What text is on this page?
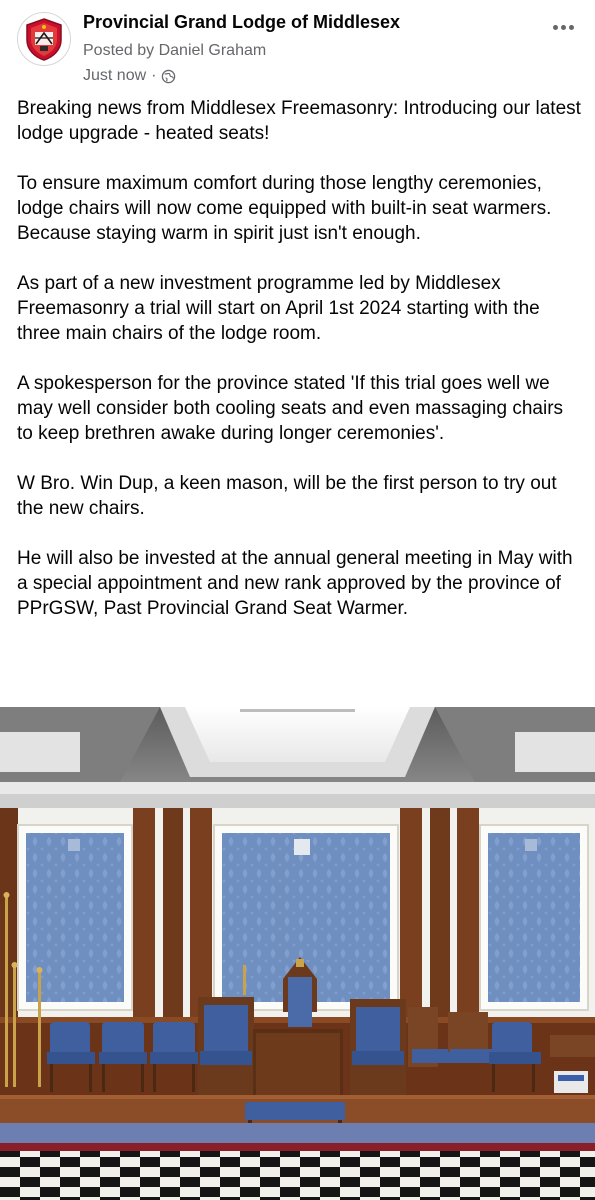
Provincial Grand Lodge of Middlesex
Posted by Daniel Graham
Just now ·

Breaking news from Middlesex Freemasonry: Introducing our latest lodge upgrade - heated seats!

To ensure maximum comfort during those lengthy ceremonies, lodge chairs will now come equipped with built-in seat warmers. Because staying warm in spirit just isn't enough.

As part of a new investment programme led by Middlesex Freemasonry a trial will start on April 1st 2024 starting with the three main chairs of the lodge room.

A spokesperson for the province stated 'If this trial goes well we may well consider both cooling seats and even massaging chairs to keep brethren awake during longer ceremonies'.

W Bro. Win Dup, a keen mason, will be the first person to try out the new chairs.

He will also be invested at the annual general meeting in May with a special appointment and new rank approved by the province of PPrGSW, Past Provincial Grand Seat Warmer.
